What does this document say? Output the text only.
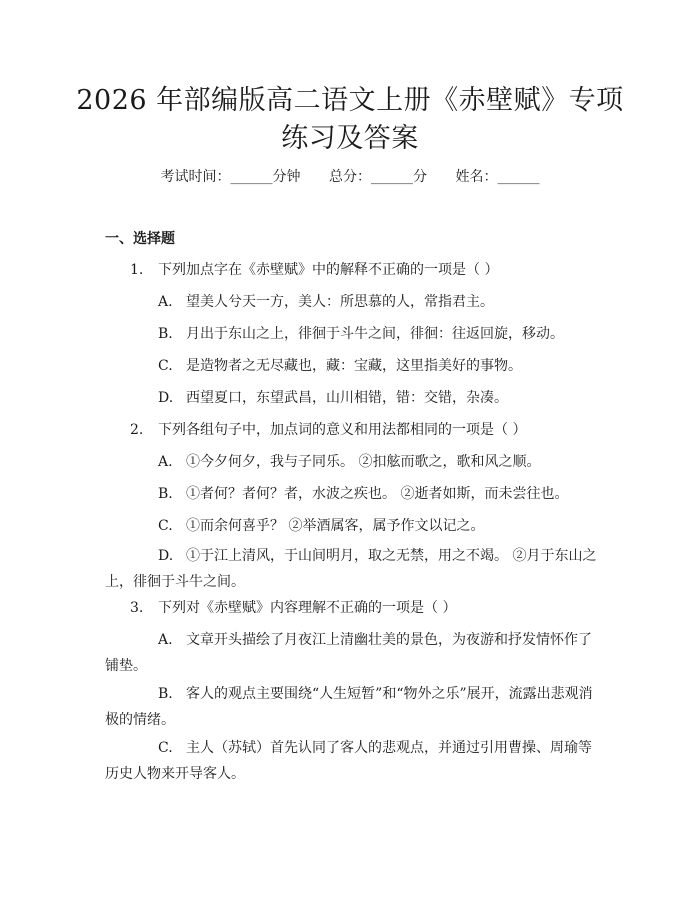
2026 年部编版高二语文上册《赤壁赋》专项
练习及答案
考试时间：______分钟 总分：______分 姓名：______
一、选择题
1. 下列加点字在《赤壁赋》中的解释不正确的一项是（ ）
A. 望美人兮天一方，美人：所思慕的人，常指君主。
B. 月出于东山之上，徘徊于斗牛之间，徘徊：往返回旋，移动。
C. 是造物者之无尽藏也，藏：宝藏，这里指美好的事物。
D. 西望夏口，东望武昌，山川相错，错：交错，杂凑。
2. 下列各组句子中，加点词的意义和用法都相同的一项是（ ）
A. ①今夕何夕，我与子同乐。 ②扣舷而歌之，歌和风之顺。
B. ①者何？者何？者，水波之疾也。 ②逝者如斯，而未尝往也。
C. ①而余何喜乎？ ②举酒属客，属予作文以记之。
D. ①于江上清风，于山间明月，取之无禁，用之不竭。 ②月于东山之上，徘徊于斗牛之间。
3. 下列对《赤壁赋》内容理解不正确的一项是（ ）
A. 文章开头描绘了月夜江上清幽壮美的景色，为夜游和抒发情怀作了铺垫。
B. 客人的观点主要围绕“人生短暂”和“物外之乐”展开，流露出悲观消极的情绪。
C. 主人（苏轼）首先认同了客人的悲观点，并通过引用曹操、周瑜等历史人物来开导客人。
